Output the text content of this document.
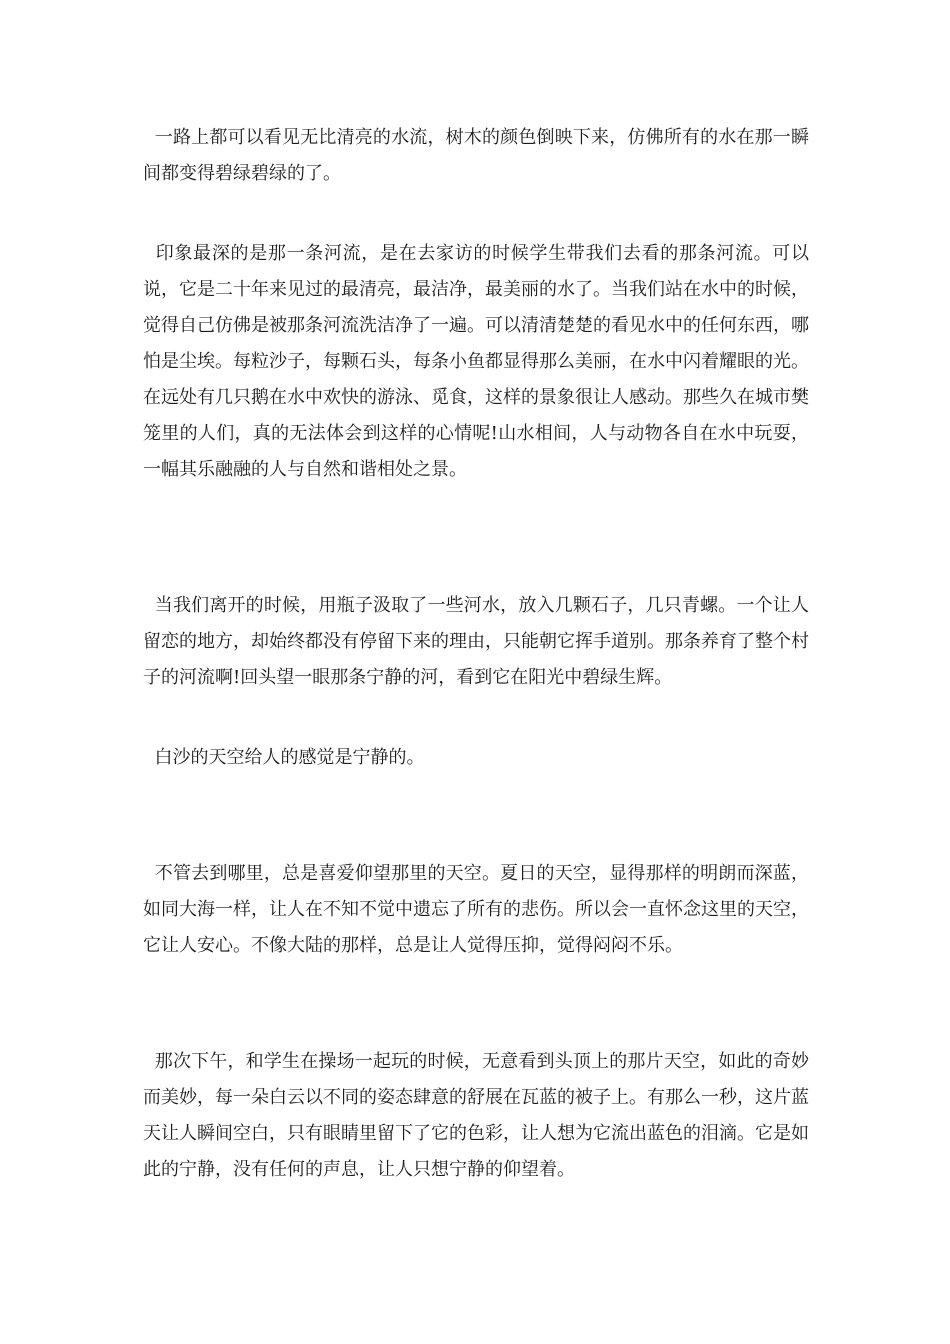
一路上都可以看见无比清亮的水流，树木的颜色倒映下来，仿佛所有的水在那一瞬间都变得碧绿碧绿的了。

印象最深的是那一条河流，是在去家访的时候学生带我们去看的那条河流。可以说，它是二十年来见过的最清亮，最洁净，最美丽的水了。当我们站在水中的时候，觉得自己仿佛是被那条河流洗洁净了一遍。可以清清楚楚的看见水中的任何东西，哪怕是尘埃。每粒沙子，每颗石头，每条小鱼都显得那么美丽，在水中闪着耀眼的光。在远处有几只鹅在水中欢快的游泳、觅食，这样的景象很让人感动。那些久在城市樊笼里的人们，真的无法体会到这样的心情呢!山水相间，人与动物各自在水中玩耍，一幅其乐融融的人与自然和谐相处之景。

当我们离开的时候，用瓶子汲取了一些河水，放入几颗石子，几只青螺。一个让人留恋的地方，却始终都没有停留下来的理由，只能朝它挥手道别。那条养育了整个村子的河流啊!回头望一眼那条宁静的河，看到它在阳光中碧绿生辉。

白沙的天空给人的感觉是宁静的。

不管去到哪里，总是喜爱仰望那里的天空。夏日的天空，显得那样的明朗而深蓝，如同大海一样，让人在不知不觉中遗忘了所有的悲伤。所以会一直怀念这里的天空，它让人安心。不像大陆的那样，总是让人觉得压抑，觉得闷闷不乐。

那次下午，和学生在操场一起玩的时候，无意看到头顶上的那片天空，如此的奇妙而美妙，每一朵白云以不同的姿态肆意的舒展在瓦蓝的被子上。有那么一秒，这片蓝天让人瞬间空白，只有眼睛里留下了它的色彩，让人想为它流出蓝色的泪滴。它是如此的宁静，没有任何的声息，让人只想宁静的仰望着。
